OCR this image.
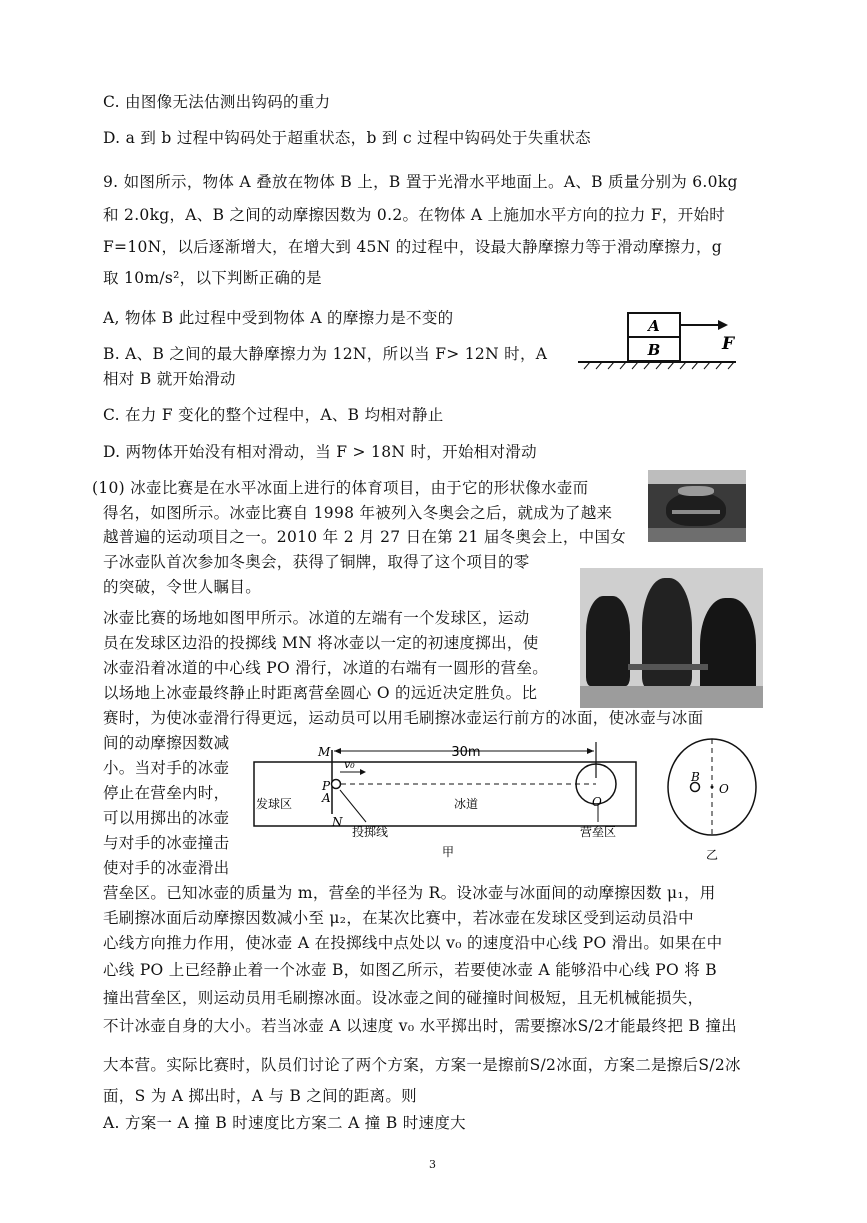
C. 由图像无法估测出钩码的重力
D. a 到 b 过程中钩码处于超重状态，b 到 c 过程中钩码处于失重状态
9. 如图所示，物体 A 叠放在物体 B 上，B 置于光滑水平地面上。A、B 质量分别为 6.0kg
和 2.0kg，A、B 之间的动摩擦因数为 0.2。在物体 A 上施加水平方向的拉力 F，开始时
F=10N，以后逐渐增大，在增大到 45N 的过程中，设最大静摩擦力等于滑动摩擦力，g
取 10m/s²，以下判断正确的是
A, 物体 B 此过程中受到物体 A 的摩擦力是不变的
B. A、B 之间的最大静摩擦力为 12N，所以当 F> 12N 时，A
相对 B 就开始滑动
C. 在力 F 变化的整个过程中，A、B 均相对静止
D. 两物体开始没有相对滑动，当 F > 18N 时，开始相对滑动
(10) 冰壶比赛是在水平冰面上进行的体育项目，由于它的形状像水壶而
得名，如图所示。冰壶比赛自 1998 年被列入冬奥会之后，就成为了越来
越普遍的运动项目之一。2010 年 2 月 27 日在第 21 届冬奥会上，中国女
子冰壶队首次参加冬奥会，获得了铜牌，取得了这个项目的零
的突破，令世人瞩目。
冰壶比赛的场地如图甲所示。冰道的左端有一个发球区，运动
员在发球区边沿的投掷线 MN 将冰壶以一定的初速度掷出，使
冰壶沿着冰道的中心线 PO 滑行，冰道的右端有一圆形的营垒。
以场地上冰壶最终静止时距离营垒圆心 O 的远近决定胜负。比
赛时，为使冰壶滑行得更远，运动员可以用毛刷擦冰壶运行前方的冰面，使冰壶与冰面
间的动摩擦因数减
小。当对手的冰壶
停止在营垒内时，
可以用掷出的冰壶
与对手的冰壶撞击
使对手的冰壶滑出
营垒区。已知冰壶的质量为 m，营垒的半径为 R。设冰壶与冰面间的动摩擦因数 μ₁，用
毛刷擦冰面后动摩擦因数减小至 μ₂，在某次比赛中，若冰壶在发球区受到运动员沿中
心线方向推力作用，使冰壶 A 在投掷线中点处以 v₀ 的速度沿中心线 PO 滑出。如果在中
心线 PO 上已经静止着一个冰壶 B，如图乙所示，若要使冰壶 A 能够沿中心线 PO 将 B
撞出营垒区，则运动员用毛刷擦冰面。设冰壶之间的碰撞时间极短，且无机械能损失，
不计冰壶自身的大小。若当冰壶 A 以速度 v₀ 水平掷出时，需要擦冰S/2才能最终把 B 撞出
大本营。实际比赛时，队员们讨论了两个方案，方案一是擦前S/2冰面，方案二是擦后S/2冰
面，S 为 A 掷出时，A 与 B 之间的距离。则
A. 方案一 A 撞 B 时速度比方案二 A 撞 B 时速度大
A
B	F
30m
v₀
M
P
A
N
O
发球区	冰道
投掷线	营垒区
甲
B
O
乙
3
